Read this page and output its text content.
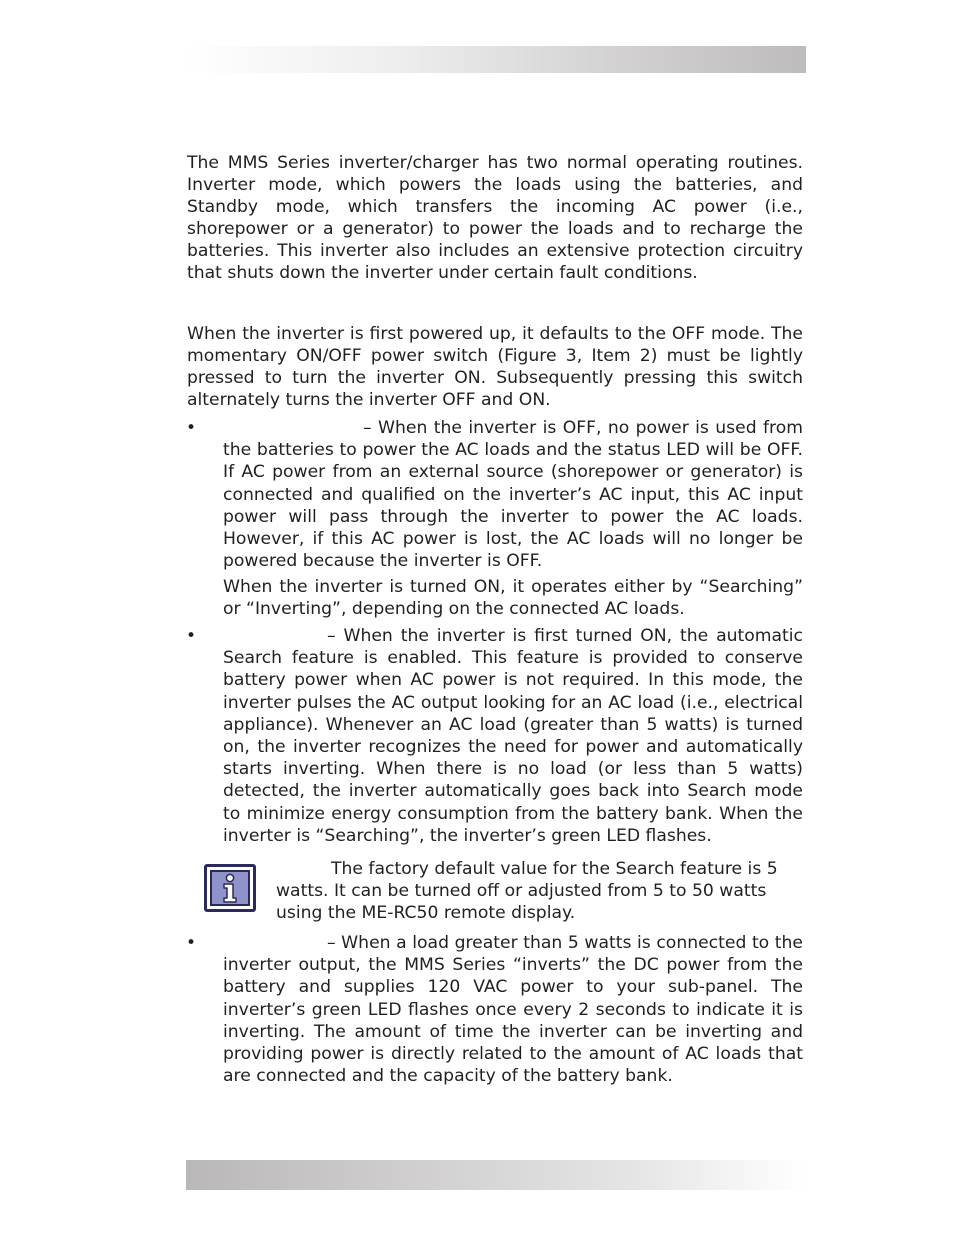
The MMS Series inverter/charger has two normal operating routines. Inverter mode, which powers the loads using the batteries, and Standby mode, which transfers the incoming AC power (i.e., shorepower or a generator) to power the loads and to recharge the batteries. This inverter also includes an extensive protection circuitry that shuts down the inverter under certain fault conditions.

When the inverter is first powered up, it defaults to the OFF mode. The momentary ON/OFF power switch (Figure 3, Item 2) must be lightly pressed to turn the inverter ON. Subsequently pressing this switch alternately turns the inverter OFF and ON.

•	– When the inverter is OFF, no power is used from the batteries to power the AC loads and the status LED will be OFF. If AC power from an external source (shorepower or generator) is connected and qualified on the inverter’s AC input, this AC input power will pass through the inverter to power the AC loads. However, if this AC power is lost, the AC loads will no longer be powered because the inverter is OFF.

When the inverter is turned ON, it operates either by “Searching” or “Inverting”, depending on the connected AC loads.

•	– When the inverter is first turned ON, the automatic Search feature is enabled. This feature is provided to conserve battery power when AC power is not required. In this mode, the inverter pulses the AC output looking for an AC load (i.e., electrical appliance). Whenever an AC load (greater than 5 watts) is turned on, the inverter recognizes the need for power and automatically starts inverting. When there is no load (or less than 5 watts) detected, the inverter automatically goes back into Search mode to minimize energy consumption from the battery bank. When the inverter is “Searching”, the inverter’s green LED flashes.

The factory default value for the Search feature is 5
watts. It can be turned off or adjusted from 5 to 50 watts
using the ME-RC50 remote display.

•	– When a load greater than 5 watts is connected to the inverter output, the MMS Series “inverts” the DC power from the battery and supplies 120 VAC power to your sub-panel. The inverter’s green LED flashes once every 2 seconds to indicate it is inverting. The amount of time the inverter can be inverting and providing power is directly related to the amount of AC loads that are connected and the capacity of the battery bank.
